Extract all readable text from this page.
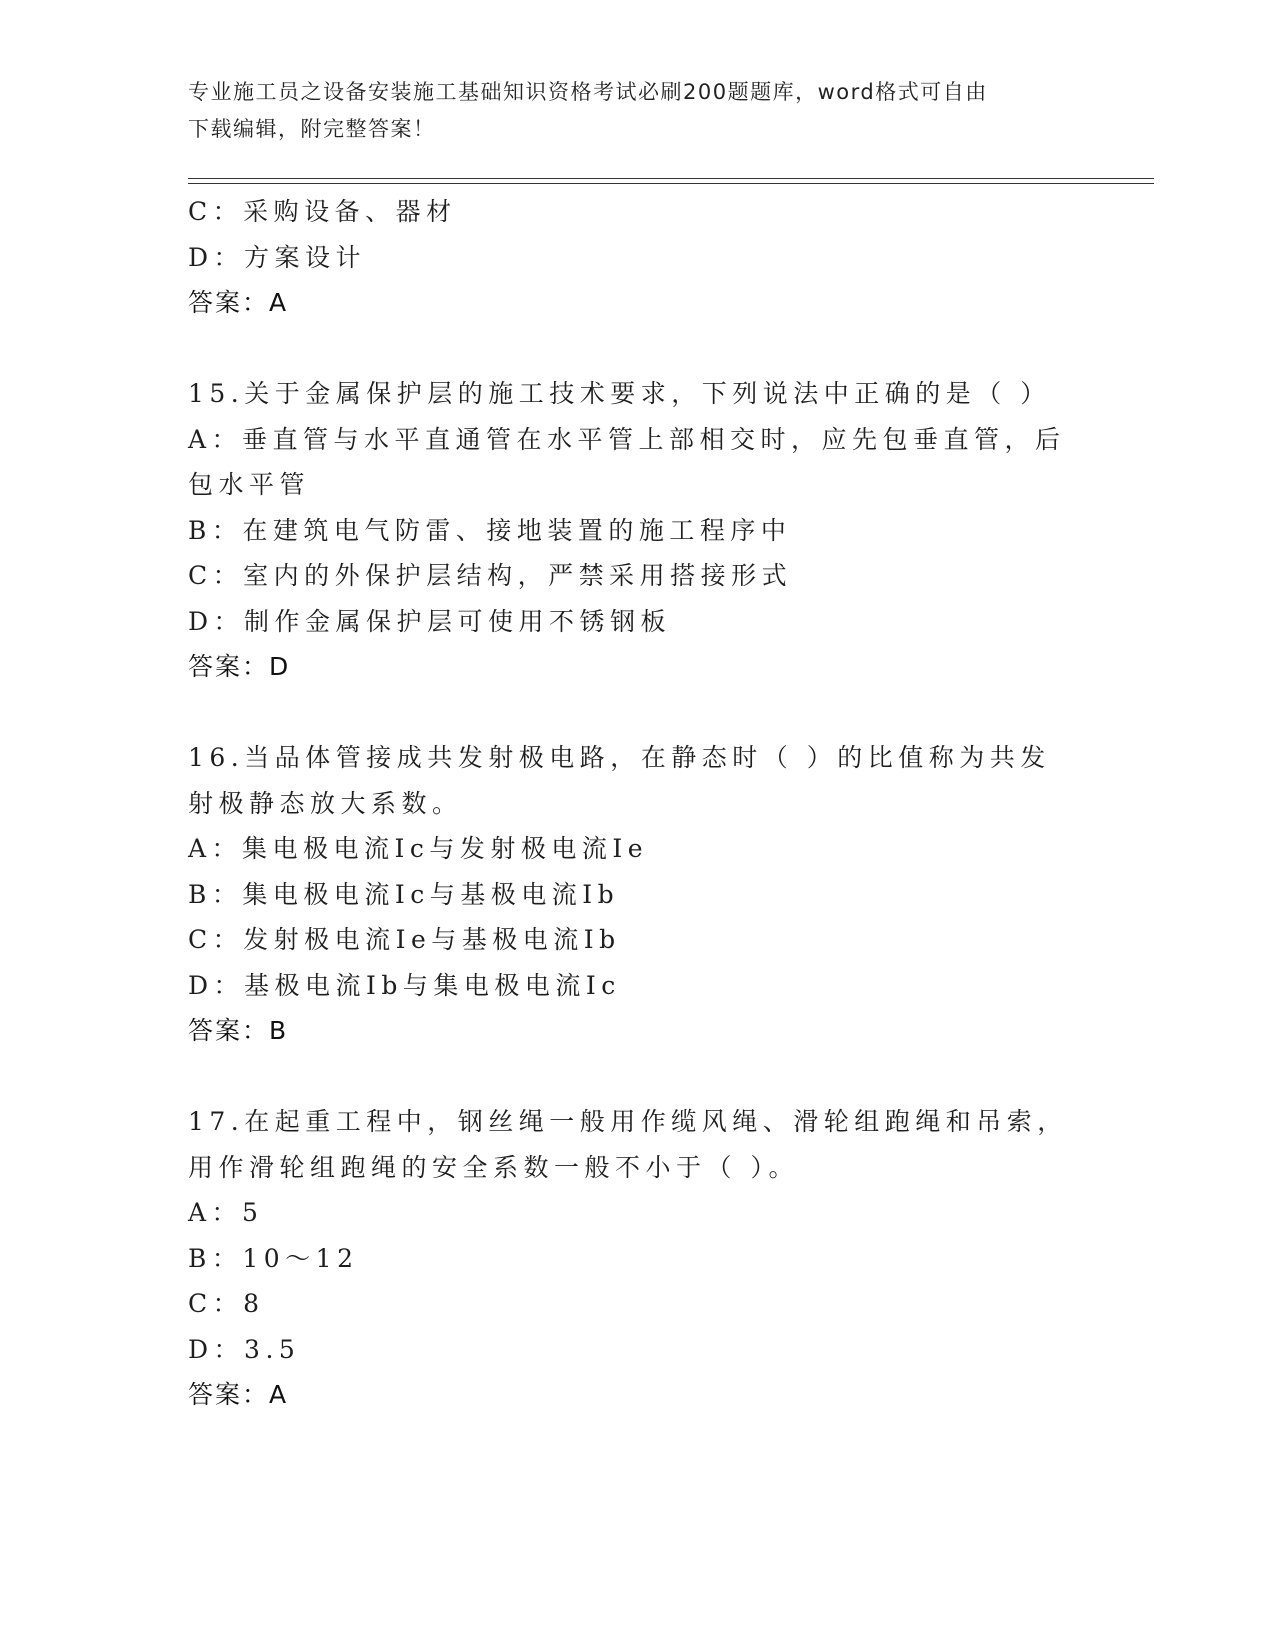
专业施工员之设备安装施工基础知识资格考试必刷200题题库，word格式可自由
下载编辑，附完整答案！
C：采购设备、器材
D：方案设计
答案：A
15.关于金属保护层的施工技术要求，下列说法中正确的是（ ）
A：垂直管与水平直通管在水平管上部相交时，应先包垂直管，后包水平管
B：在建筑电气防雷、接地装置的施工程序中
C：室内的外保护层结构，严禁采用搭接形式
D：制作金属保护层可使用不锈钢板
答案：D
16.当品体管接成共发射极电路，在静态时（ ）的比值称为共发射极静态放大系数。
A：集电极电流Ic与发射极电流Ie
B：集电极电流Ic与基极电流Ib
C：发射极电流Ie与基极电流Ib
D：基极电流Ib与集电极电流Ic
答案：B
17.在起重工程中，钢丝绳一般用作缆风绳、滑轮组跑绳和吊索，用作滑轮组跑绳的安全系数一般不小于（ ）。
A：5
B：10～12
C：8
D：3.5
答案：A
